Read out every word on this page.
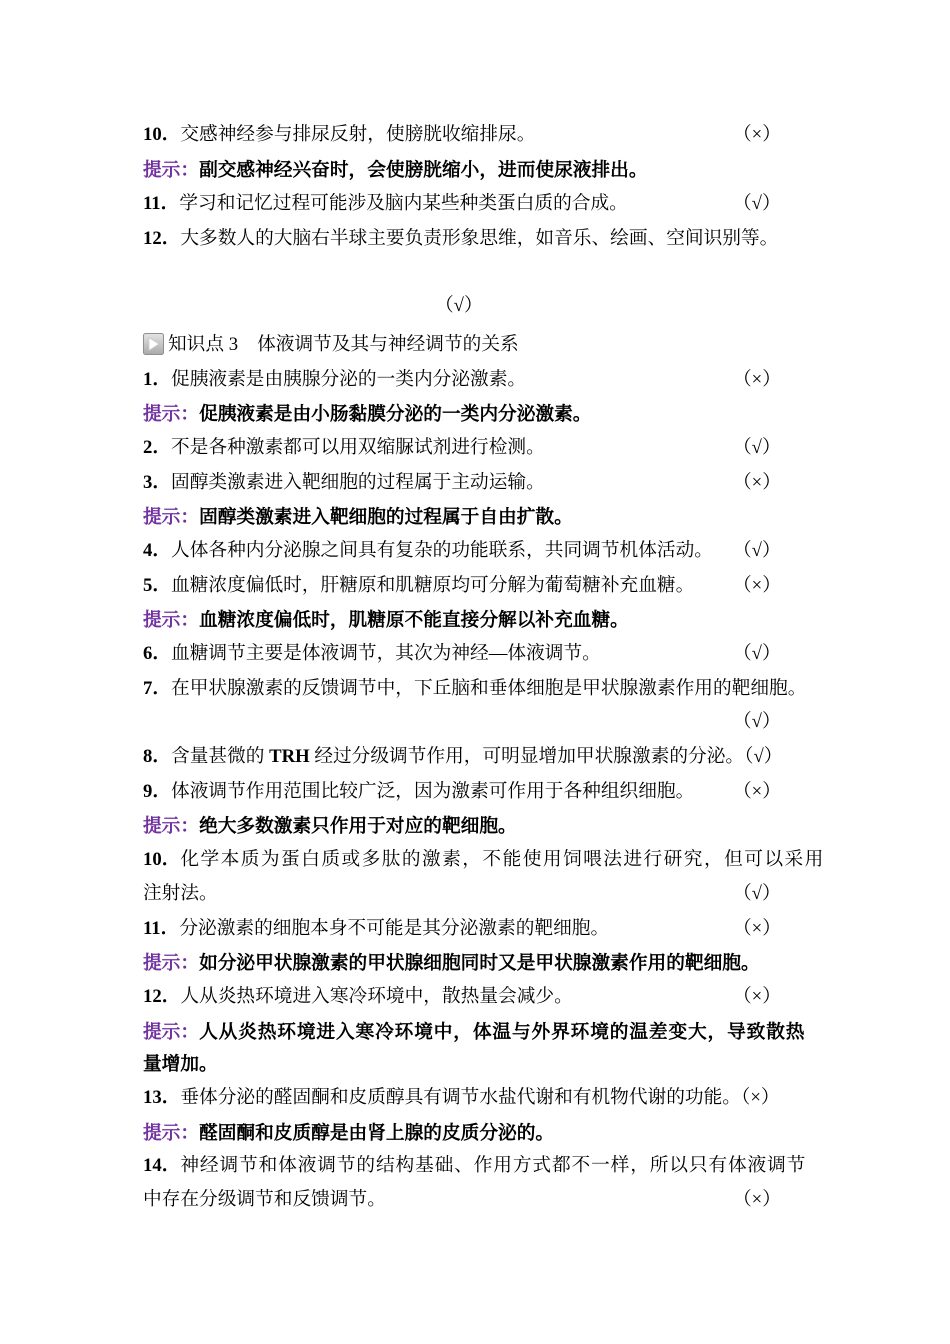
10．交感神经参与排尿反射，使膀胱收缩排尿。	（×）
提示：副交感神经兴奋时，会使膀胱缩小，进而使尿液排出。
11．学习和记忆过程可能涉及脑内某些种类蛋白质的合成。	（√）
12．大多数人的大脑右半球主要负责形象思维，如音乐、绘画、空间识别等。
（√）
知识点 3 体液调节及其与神经调节的关系
1．促胰液素是由胰腺分泌的一类内分泌激素。	（×）
提示：促胰液素是由小肠黏膜分泌的一类内分泌激素。
2．不是各种激素都可以用双缩脲试剂进行检测。	（√）
3．固醇类激素进入靶细胞的过程属于主动运输。	（×）
提示：固醇类激素进入靶细胞的过程属于自由扩散。
4．人体各种内分泌腺之间具有复杂的功能联系，共同调节机体活动。 （√）
5．血糖浓度偏低时，肝糖原和肌糖原均可分解为葡萄糖补充血糖。 （×）
提示：血糖浓度偏低时，肌糖原不能直接分解以补充血糖。
6．血糖调节主要是体液调节，其次为神经—体液调节。	（√）
7．在甲状腺激素的反馈调节中，下丘脑和垂体细胞是甲状腺激素作用的靶细胞。
（√）
8．含量甚微的 TRH 经过分级调节作用，可明显增加甲状腺激素的分泌。（√）
9．体液调节作用范围比较广泛，因为激素可作用于各种组织细胞。 （×）
提示：绝大多数激素只作用于对应的靶细胞。
10．化学本质为蛋白质或多肽的激素，不能使用饲喂法进行研究，但可以采用
注射法。	（√）
11．分泌激素的细胞本身不可能是其分泌激素的靶细胞。	（×）
提示：如分泌甲状腺激素的甲状腺细胞同时又是甲状腺激素作用的靶细胞。
12．人从炎热环境进入寒冷环境中，散热量会减少。	（×）
提示：人从炎热环境进入寒冷环境中，体温与外界环境的温差变大，导致散热
量增加。
13．垂体分泌的醛固酮和皮质醇具有调节水盐代谢和有机物代谢的功能。（×）
提示：醛固酮和皮质醇是由肾上腺的皮质分泌的。
14．神经调节和体液调节的结构基础、作用方式都不一样，所以只有体液调节
中存在分级调节和反馈调节。	（×）
